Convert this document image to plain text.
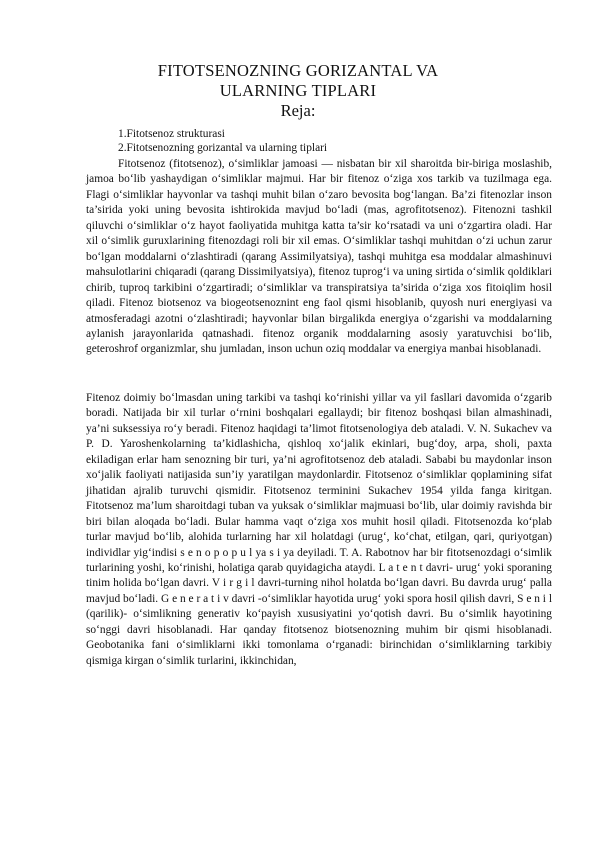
FITOTSENOZNING GORIZANTAL VA
ULARNING TIPLARI
Reja:
1.Fitotsenoz strukturasi
2.Fitotsenozning gorizantal va ularning tiplari

Fitotsenoz (fitotsenoz), o‘simliklar jamoasi — nisbatan bir xil sharoitda bir-biriga moslashib, jamoa bo‘lib yashaydigan o‘simliklar majmui. Har bir fitenoz o‘ziga xos tarkib va tuzilmaga ega. Flagi o‘simliklar hayvonlar va tashqi muhit bilan o‘zaro bevosita bog‘langan. Ba’zi fitenozlar inson ta’sirida yoki uning bevosita ishtirokida mavjud bo‘ladi (mas, agrofitotsenoz). Fitenozni tashkil qiluvchi o‘simliklar o‘z hayot faoliyatida muhitga katta ta’sir ko‘rsatadi va uni o‘zgartira oladi. Har xil o‘simlik guruxlarining fitenozdagi roli bir xil emas. O‘simliklar tashqi muhitdan o‘zi uchun zarur bo‘lgan moddalarni o‘zlashtiradi (qarang Assimilyatsiya), tashqi muhitga esa moddalar almashinuvi mahsulotlarini chiqaradi (qarang Dissimilyatsiya), fitenoz tuprog‘i va uning sirtida o‘simlik qoldiklari chirib, tuproq tarkibini o‘zgartiradi; o‘simliklar va transpiratsiya ta’sirida o‘ziga xos fitoiqlim hosil qiladi. Fitenoz biotsenoz va biogeotsenoznint eng faol qismi hisoblanib, quyosh nuri energiyasi va atmosferadagi azotni o‘zlashtiradi; hayvonlar bilan birgalikda energiya o‘zgarishi va moddalarning aylanish jarayonlarida qatnashadi. fitenoz organik moddalarning asosiy yaratuvchisi bo‘lib, geteroshrof organizmlar, shu jumladan, inson uchun oziq moddalar va energiya manbai hisoblanadi.

Fitenoz doimiy bo‘lmasdan uning tarkibi va tashqi ko‘rinishi yillar va yil fasllari davomida o‘zgarib boradi. Natijada bir xil turlar o‘rnini boshqalari egallaydi; bir fitenoz boshqasi bilan almashinadi, ya’ni suksessiya ro‘y beradi. Fitenoz haqidagi ta’limot fitotsenologiya deb ataladi. V. N. Sukachev va P. D. Yaroshenkolarning ta’kidlashicha, qishloq xo‘jalik ekinlari, bug‘doy, arpa, sholi, paxta ekiladigan erlar ham senozning bir turi, ya’ni agrofitotsenoz deb ataladi. Sababi bu maydonlar inson xo‘jalik faoliyati natijasida sun’iy yaratilgan maydonlardir. Fitotsenoz o‘simliklar qoplamining sifat jihatidan ajralib turuvchi qismidir. Fitotsenoz terminini Sukachev 1954 yilda fanga kiritgan. Fitotsenoz ma’lum sharoitdagi tuban va yuksak o‘simliklar majmuasi bo‘lib, ular doimiy ravishda bir biri bilan aloqada bo‘ladi. Bular hamma vaqt o‘ziga xos muhit hosil qiladi. Fitotsenozda ko‘plab turlar mavjud bo‘lib, alohida turlarning har xil holatdagi (urug‘, ko‘chat, etilgan, qari, quriyotgan) individlar yig‘indisi s e n o p o p u l ya s i ya deyiladi. T. A. Rabotnov har bir fitotsenozdagi o‘simlik turlarining yoshi, ko‘rinishi, holatiga qarab quyidagicha ataydi. L a t e n t davri- urug‘ yoki sporaning tinim holida bo‘lgan davri. V i r g i l davri-turning nihol holatda bo‘lgan davri. Bu davrda urug‘ palla mavjud bo‘ladi. G e n e r a t i v davri -o‘simliklar hayotida urug‘ yoki spora hosil qilish davri, S e n i l (qarilik)- o‘simlikning generativ ko‘payish xususiyatini yo‘qotish davri. Bu o‘simlik hayotining so‘nggi davri hisoblanadi. Har qanday fitotsenoz biotsenozning muhim bir qismi hisoblanadi. Geobotanika fani o‘simliklarni ikki tomonlama o‘rganadi: birinchidan o‘simliklarning tarkibiy qismiga kirgan o‘simlik turlarini, ikkinchidan,
